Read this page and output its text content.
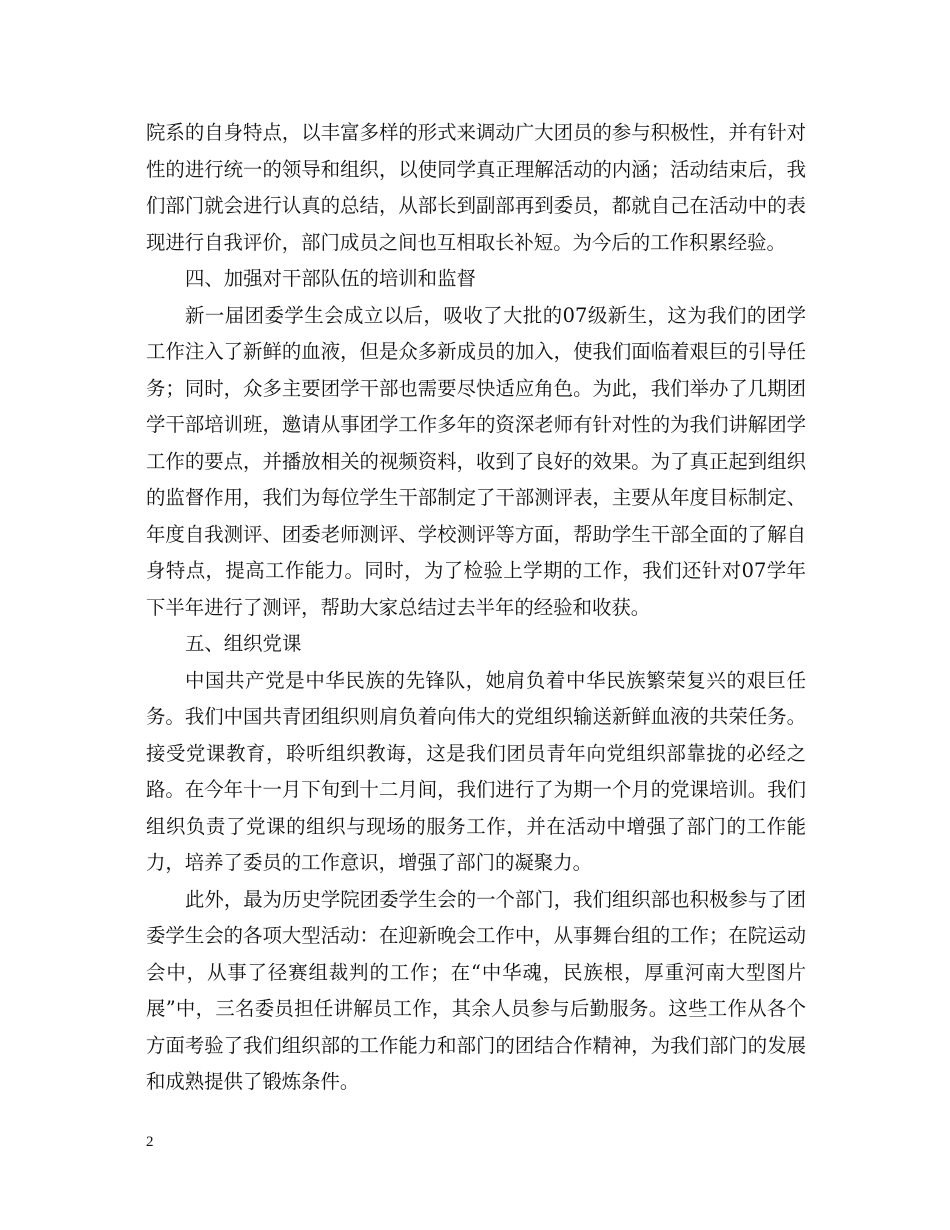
院系的自身特点，以丰富多样的形式来调动广大团员的参与积极性，并有针对性的进行统一的领导和组织，以使同学真正理解活动的内涵；活动结束后，我们部门就会进行认真的总结，从部长到副部再到委员，都就自己在活动中的表现进行自我评价，部门成员之间也互相取长补短。为今后的工作积累经验。

四、加强对干部队伍的培训和监督

新一届团委学生会成立以后，吸收了大批的07级新生，这为我们的团学工作注入了新鲜的血液，但是众多新成员的加入，使我们面临着艰巨的引导任务；同时，众多主要团学干部也需要尽快适应角色。为此，我们举办了几期团学干部培训班，邀请从事团学工作多年的资深老师有针对性的为我们讲解团学工作的要点，并播放相关的视频资料，收到了良好的效果。为了真正起到组织的监督作用，我们为每位学生干部制定了干部测评表，主要从年度目标制定、年度自我测评、团委老师测评、学校测评等方面，帮助学生干部全面的了解自身特点，提高工作能力。同时，为了检验上学期的工作，我们还针对07学年下半年进行了测评，帮助大家总结过去半年的经验和收获。

五、组织党课

中国共产党是中华民族的先锋队，她肩负着中华民族繁荣复兴的艰巨任务。我们中国共青团组织则肩负着向伟大的党组织输送新鲜血液的共荣任务。接受党课教育，聆听组织教诲，这是我们团员青年向党组织部靠拢的必经之路。在今年十一月下旬到十二月间，我们进行了为期一个月的党课培训。我们组织负责了党课的组织与现场的服务工作，并在活动中增强了部门的工作能力，培养了委员的工作意识，增强了部门的凝聚力。

此外，最为历史学院团委学生会的一个部门，我们组织部也积极参与了团委学生会的各项大型活动：在迎新晚会工作中，从事舞台组的工作；在院运动会中，从事了径赛组裁判的工作；在“中华魂，民族根，厚重河南大型图片展”中，三名委员担任讲解员工作，其余人员参与后勤服务。这些工作从各个方面考验了我们组织部的工作能力和部门的团结合作精神，为我们部门的发展和成熟提供了锻炼条件。

2
